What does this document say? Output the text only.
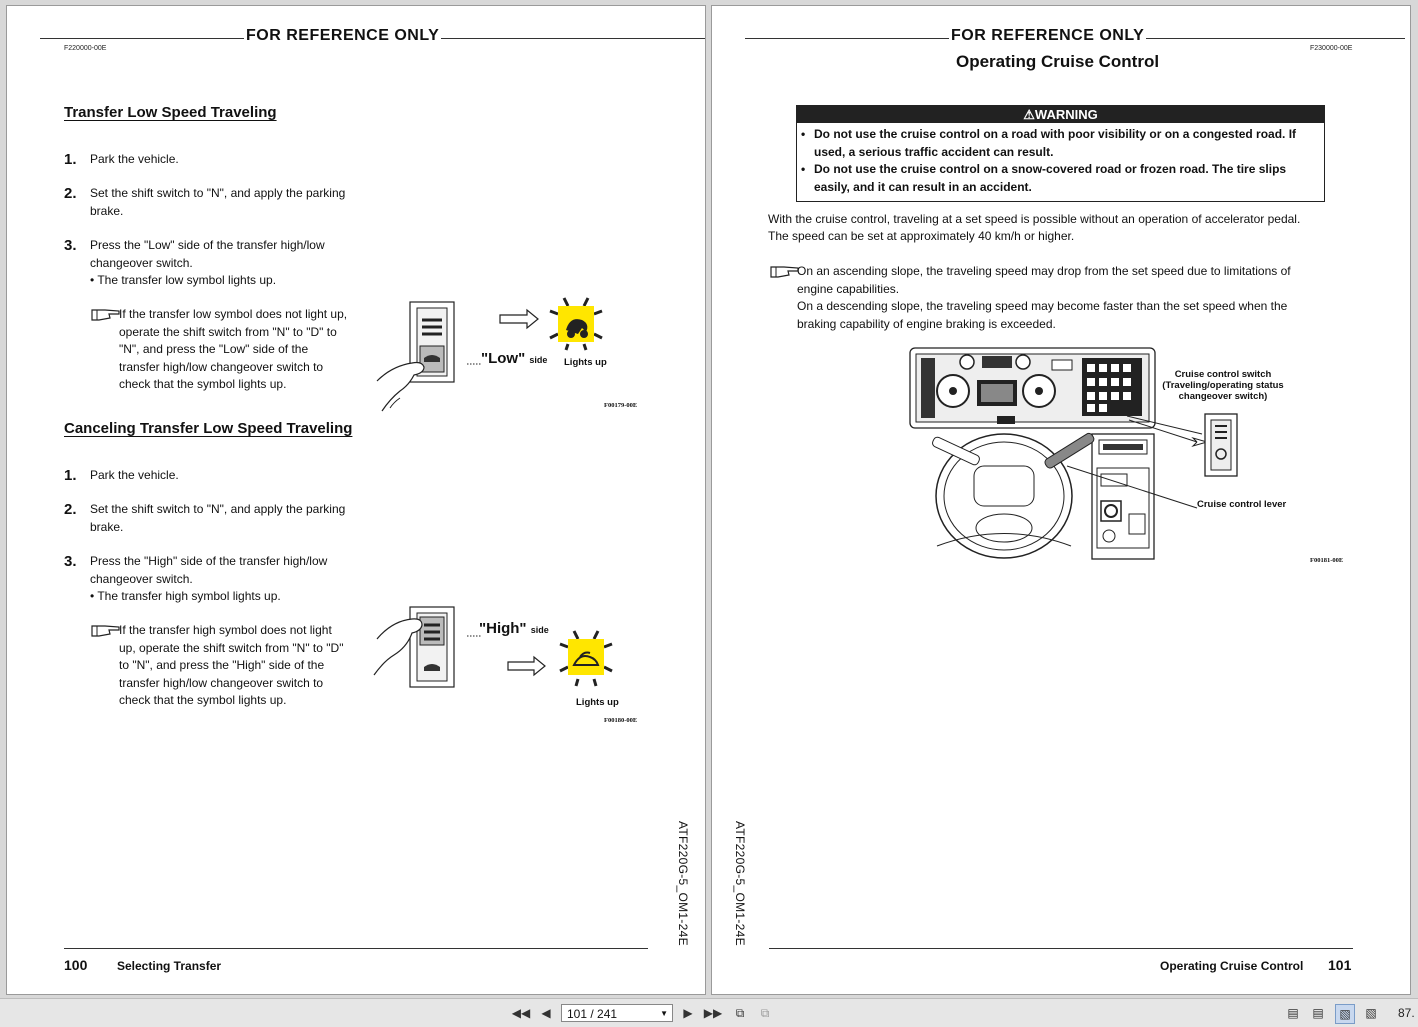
FOR REFERENCE ONLY
F220000-00E
Transfer Low Speed Traveling
1. Park the vehicle.
2. Set the shift switch to "N", and apply the parking brake.
3. Press the "Low" side of the transfer high/low changeover switch.
• The transfer low symbol lights up.
If the transfer low symbol does not light up, operate the shift switch from "N" to "D" to "N", and press the "Low" side of the transfer high/low changeover switch to check that the symbol lights up.
"Low" side Lights up
F00179-00E
Canceling Transfer Low Speed Traveling
1. Park the vehicle.
2. Set the shift switch to "N", and apply the parking brake.
3. Press the "High" side of the transfer high/low changeover switch.
• The transfer high symbol lights up.
If the transfer high symbol does not light up, operate the shift switch from "N" to "D" to "N", and press the "High" side of the transfer high/low changeover switch to check that the symbol lights up.
"High" side
Lights up
F00180-00E
ATF220G-5_OM1-24E
100 Selecting Transfer
FOR REFERENCE ONLY
F230000-00E
Operating Cruise Control
⚠WARNING
• Do not use the cruise control on a road with poor visibility or on a congested road. If used, a serious traffic accident can result.
• Do not use the cruise control on a snow-covered road or frozen road. The tire slips easily, and it can result in an accident.
With the cruise control, traveling at a set speed is possible without an operation of accelerator pedal.
The speed can be set at approximately 40 km/h or higher.
On an ascending slope, the traveling speed may drop from the set speed due to limitations of engine capabilities.
On a descending slope, the traveling speed may become faster than the set speed when the braking capability of engine braking is exceeded.
Cruise control switch
(Traveling/operating status
changeover switch)
Cruise control lever
F00181-00E
ATF220G-5_OM1-24E
Operating Cruise Control 101
◀◀ ◀	101 / 241	▼	▶ ▶▶	⧉	⧉	▤ ▤	▧	▧ 87.
